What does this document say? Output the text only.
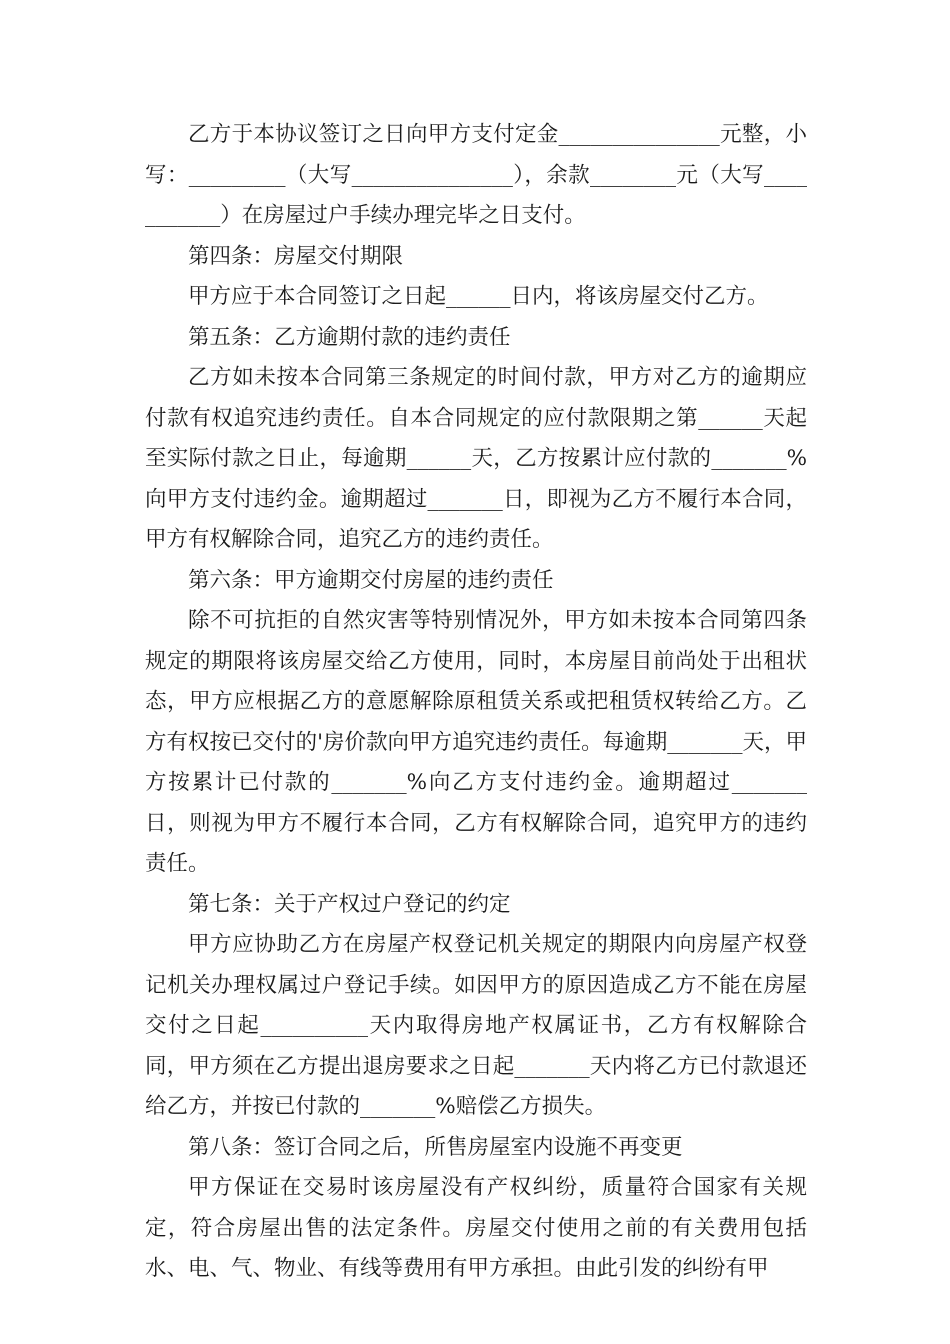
乙方于本协议签订之日向甲方支付定金_______________元整，小写：_________（大写_______________），余款________元（大写___________）在房屋过户手续办理完毕之日支付。

第四条：房屋交付期限

甲方应于本合同签订之日起______日内，将该房屋交付乙方。

第五条：乙方逾期付款的违约责任

乙方如未按本合同第三条规定的时间付款，甲方对乙方的逾期应付款有权追究违约责任。自本合同规定的应付款限期之第______天起至实际付款之日止，每逾期______天，乙方按累计应付款的_______%向甲方支付违约金。逾期超过_______日，即视为乙方不履行本合同，甲方有权解除合同，追究乙方的违约责任。

第六条：甲方逾期交付房屋的违约责任

除不可抗拒的自然灾害等特别情况外，甲方如未按本合同第四条规定的期限将该房屋交给乙方使用，同时，本房屋目前尚处于出租状态，甲方应根据乙方的意愿解除原租赁关系或把租赁权转给乙方。乙方有权按已交付的'房价款向甲方追究违约责任。每逾期_______天，甲方按累计已付款的_______%向乙方支付违约金。逾期超过_______日，则视为甲方不履行本合同，乙方有权解除合同，追究甲方的违约责任。

第七条：关于产权过户登记的约定

甲方应协助乙方在房屋产权登记机关规定的期限内向房屋产权登记机关办理权属过户登记手续。如因甲方的原因造成乙方不能在房屋交付之日起__________天内取得房地产权属证书，乙方有权解除合同，甲方须在乙方提出退房要求之日起_______天内将乙方已付款退还给乙方，并按已付款的_______%赔偿乙方损失。

第八条：签订合同之后，所售房屋室内设施不再变更

甲方保证在交易时该房屋没有产权纠纷，质量符合国家有关规定，符合房屋出售的法定条件。房屋交付使用之前的有关费用包括水、电、气、物业、有线等费用有甲方承担。由此引发的纠纷有甲
